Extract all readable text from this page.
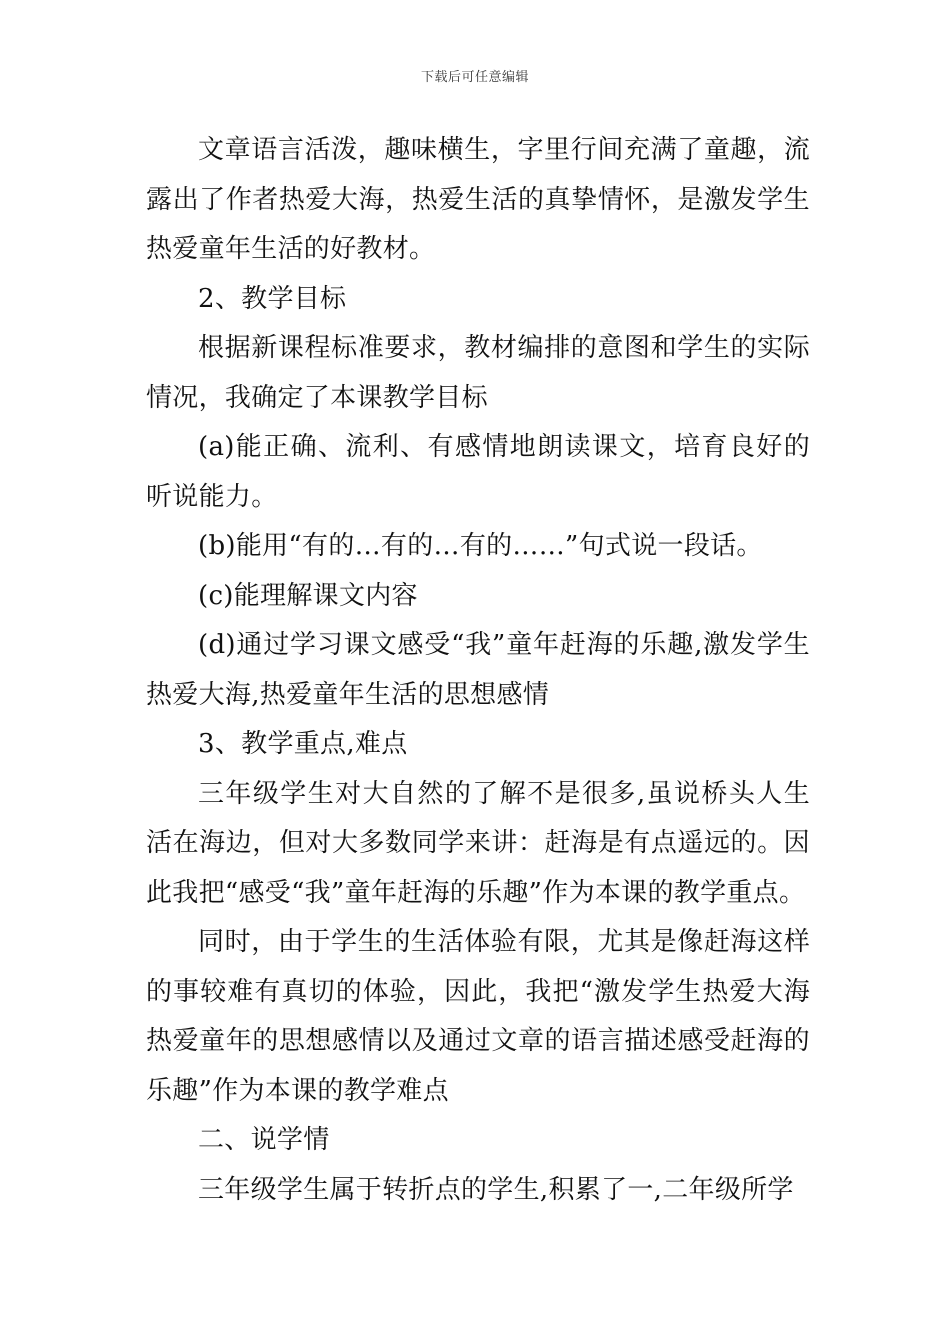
下载后可任意编辑

文章语言活泼，趣味横生，字里行间充满了童趣，流露出了作者热爱大海，热爱生活的真挚情怀，是激发学生热爱童年生活的好教材。

2、教学目标

根据新课程标准要求，教材编排的意图和学生的实际情况，我确定了本课教学目标

(a)能正确、流利、有感情地朗读课文，培育良好的听说能力。

(b)能用“有的…有的…有的……”句式说一段话。

(c)能理解课文内容

(d)通过学习课文感受“我”童年赶海的乐趣,激发学生热爱大海,热爱童年生活的思想感情

3、教学重点,难点

三年级学生对大自然的了解不是很多,虽说桥头人生活在海边，但对大多数同学来讲：赶海是有点遥远的。因此我把“感受“我”童年赶海的乐趣”作为本课的教学重点。

同时，由于学生的生活体验有限，尤其是像赶海这样的事较难有真切的体验，因此，我把“激发学生热爱大海热爱童年的思想感情以及通过文章的语言描述感受赶海的乐趣”作为本课的教学难点

二、说学情

三年级学生属于转折点的学生,积累了一,二年级所学
